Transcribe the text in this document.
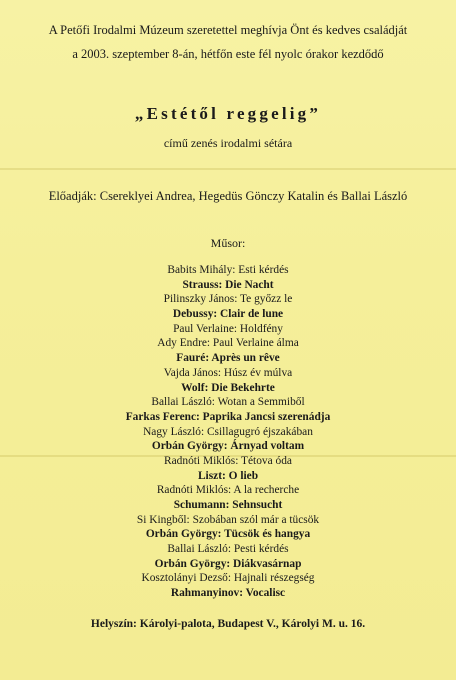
A Petőfi Irodalmi Múzeum szeretettel meghívja Önt és kedves családját
a 2003. szeptember 8-án, hétfőn este fél nyolc órakor kezdődő
„Estétől reggelig”
című zenés irodalmi sétára
Előadják: Csereklyei Andrea, Hegedüs Gönczy Katalin és Ballai László
Műsor:
Babits Mihály: Esti kérdés
Strauss: Die Nacht
Pilinszky János: Te győzz le
Debussy: Clair de lune
Paul Verlaine: Holdfény
Ady Endre: Paul Verlaine álma
Fauré: Après un rêve
Vajda János: Húsz év múlva
Wolf: Die Bekehrte
Ballai László: Wotan a Semmiből
Farkas Ferenc: Paprika Jancsi szerenádja
Nagy László: Csillagugró éjszakában
Orbán György: Árnyad voltam
Radnóti Miklós: Tétova óda
Liszt: O lieb
Radnóti Miklós: A la recherche
Schumann: Sehnsucht
Si Kingből: Szobában szól már a tücsök
Orbán György: Tücsök és hangya
Ballai László: Pesti kérdés
Orbán György: Diákvasárnap
Kosztolányi Dezső: Hajnali részegség
Rahmanyinov: Vocalisc
Helyszín: Károlyi-palota, Budapest V., Károlyi M. u. 16.
